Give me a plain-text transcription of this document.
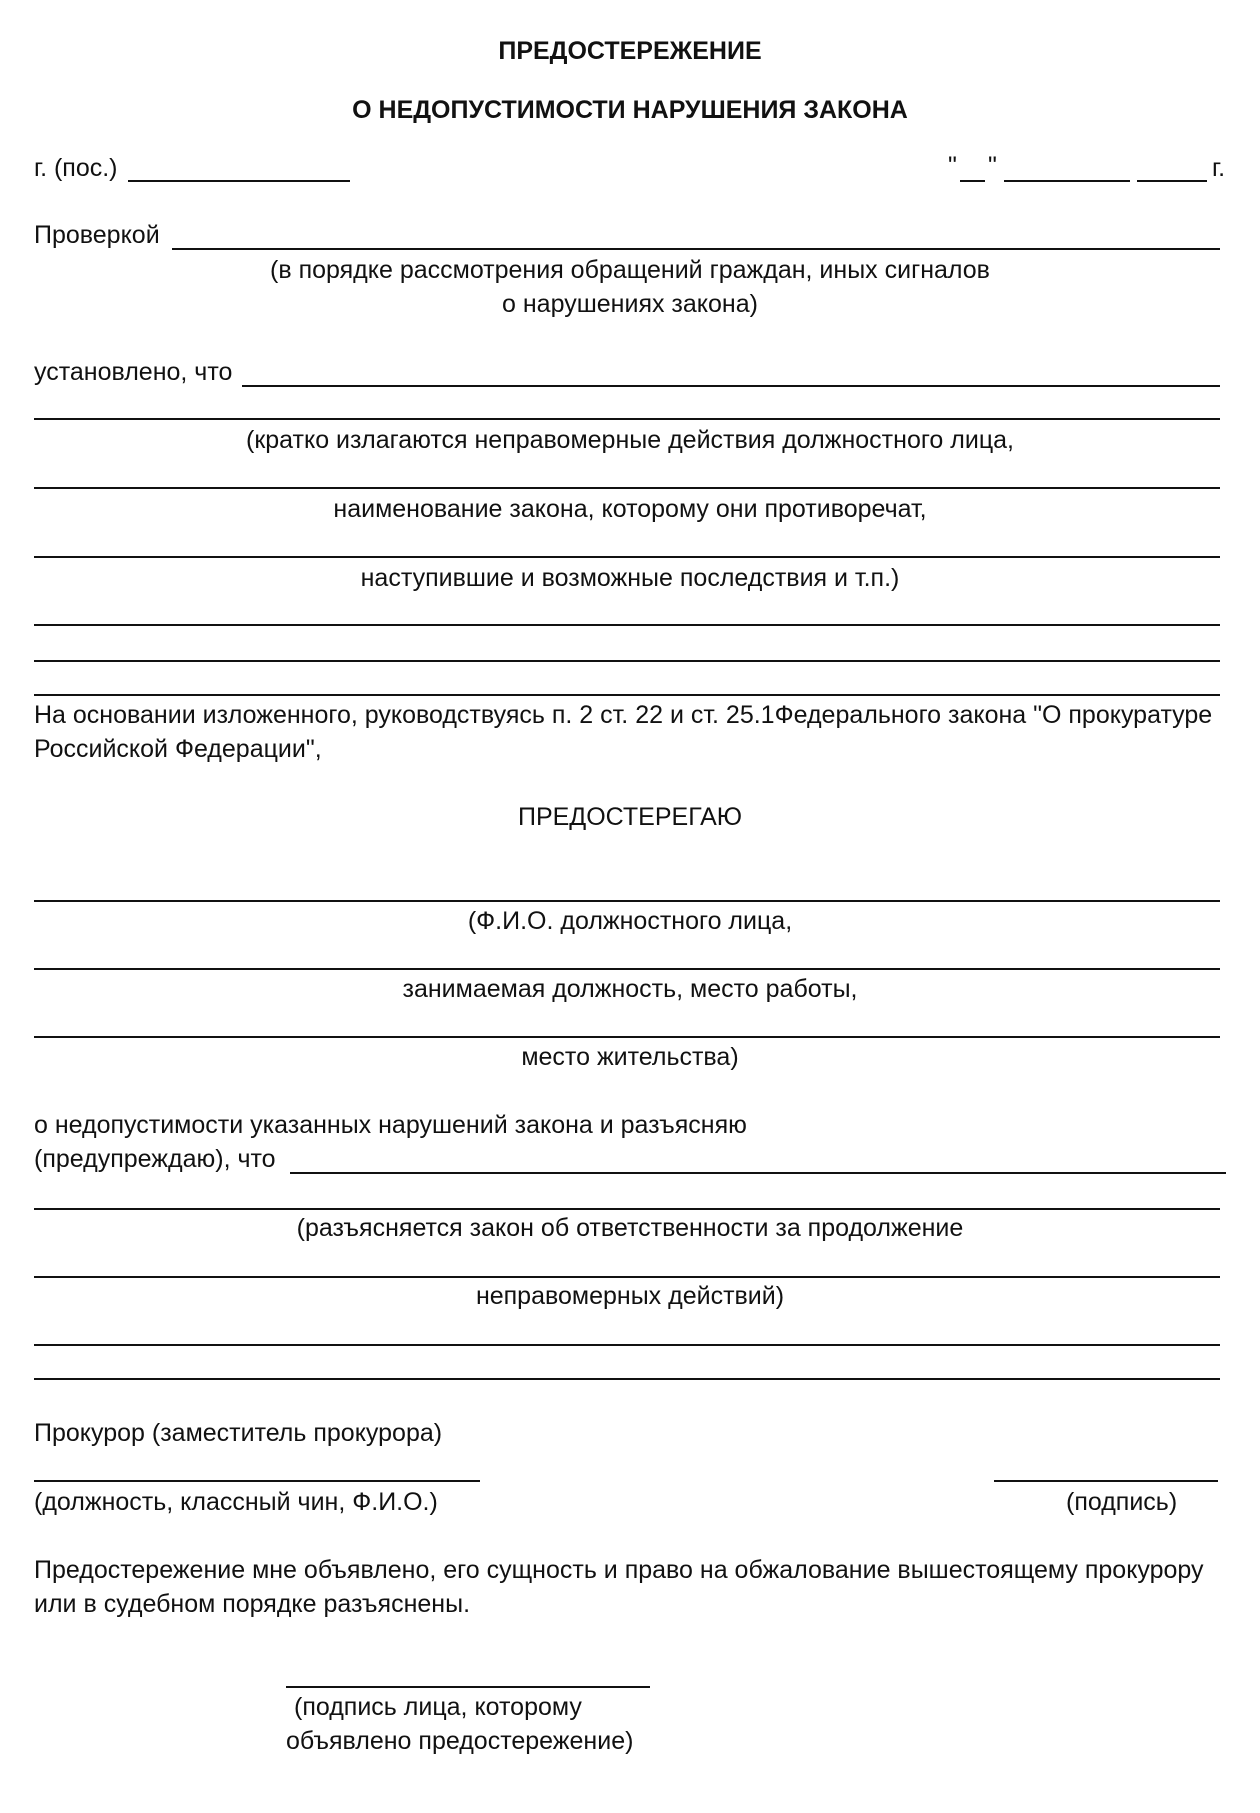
ПРЕДОСТЕРЕЖЕНИЕ
О НЕДОПУСТИМОСТИ НАРУШЕНИЯ ЗАКОНА
г. (пос.)	" "	г.
Проверкой
(в порядке рассмотрения обращений граждан, иных сигналов
о нарушениях закона)
установлено, что
(кратко излагаются неправомерные действия должностного лица,
наименование закона, которому они противоречат,
наступившие и возможные последствия и т.п.)
На основании изложенного, руководствуясь п. 2 ст. 22 и ст. 25.1Федерального закона "О прокуратуре
Российской Федерации",
ПРЕДОСТЕРЕГАЮ
(Ф.И.О. должностного лица,
занимаемая должность, место работы,
место жительства)
о недопустимости указанных нарушений закона и разъясняю
(предупреждаю), что
(разъясняется закон об ответственности за продолжение
неправомерных действий)
Прокурор (заместитель прокурора)
(должность, классный чин, Ф.И.О.)	(подпись)
Предостережение мне объявлено, его сущность и право на обжалование вышестоящему прокурору
или в судебном порядке разъяснены.
(подпись лица, которому
объявлено предостережение)
